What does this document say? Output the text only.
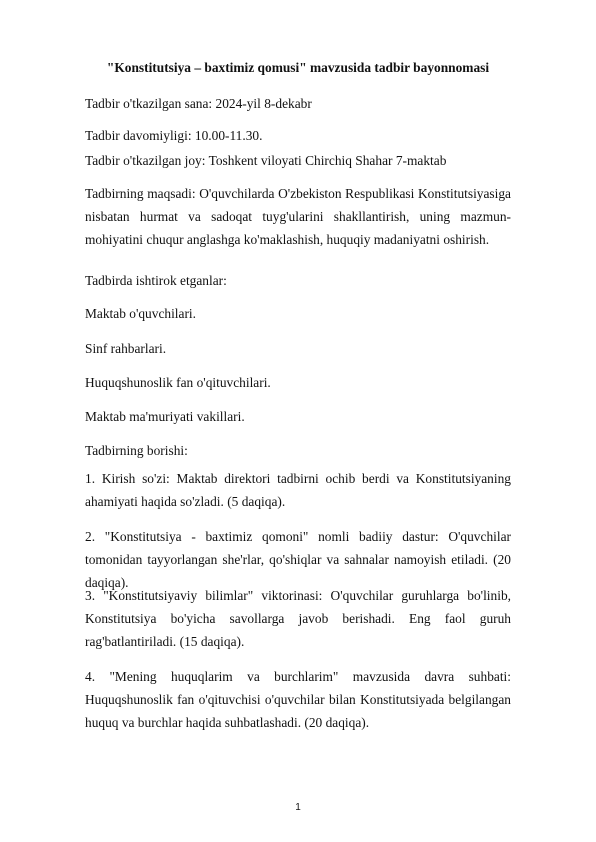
"Konstitutsiya – baxtimiz qomusi" mavzusida tadbir bayonnomasi
Tadbir o'tkazilgan sana: 2024-yil 8-dekabr
Tadbir davomiyligi: 10.00-11.30.
Tadbir o'tkazilgan joy: Toshkent viloyati Chirchiq Shahar 7-maktab
Tadbirning maqsadi: O'quvchilarda O'zbekiston Respublikasi Konstitutsiyasiga nisbatan hurmat va sadoqat tuyg'ularini shakllantirish, uning mazmun-mohiyatini chuqur anglashga ko'maklashish, huquqiy madaniyatni oshirish.
Tadbirda ishtirok etganlar:
Maktab o'quvchilari.
Sinf rahbarlari.
Huquqshunoslik fan o'qituvchilari.
Maktab ma'muriyati vakillari.
Tadbirning borishi:
1. Kirish so'zi: Maktab direktori tadbirni ochib berdi va Konstitutsiyaning ahamiyati haqida so'zladi. (5 daqiqa).
2. "Konstitutsiya - baxtimiz qomoni" nomli badiiy dastur: O'quvchilar tomonidan tayyorlangan she'rlar, qo'shiqlar va sahnalar namoyish etiladi. (20 daqiqa).
3. "Konstitutsiyaviy bilimlar" viktorinasi: O'quvchilar guruhlarga bo'linib, Konstitutsiya bo'yicha savollarga javob berishadi. Eng faol guruh rag'batlantiriladi. (15 daqiqa).
4. "Mening huquqlarim va burchlarim" mavzusida davra suhbati: Huquqshunoslik fan o'qituvchisi o'quvchilar bilan Konstitutsiyada belgilangan huquq va burchlar haqida suhbatlashadi. (20 daqiqa).
1
